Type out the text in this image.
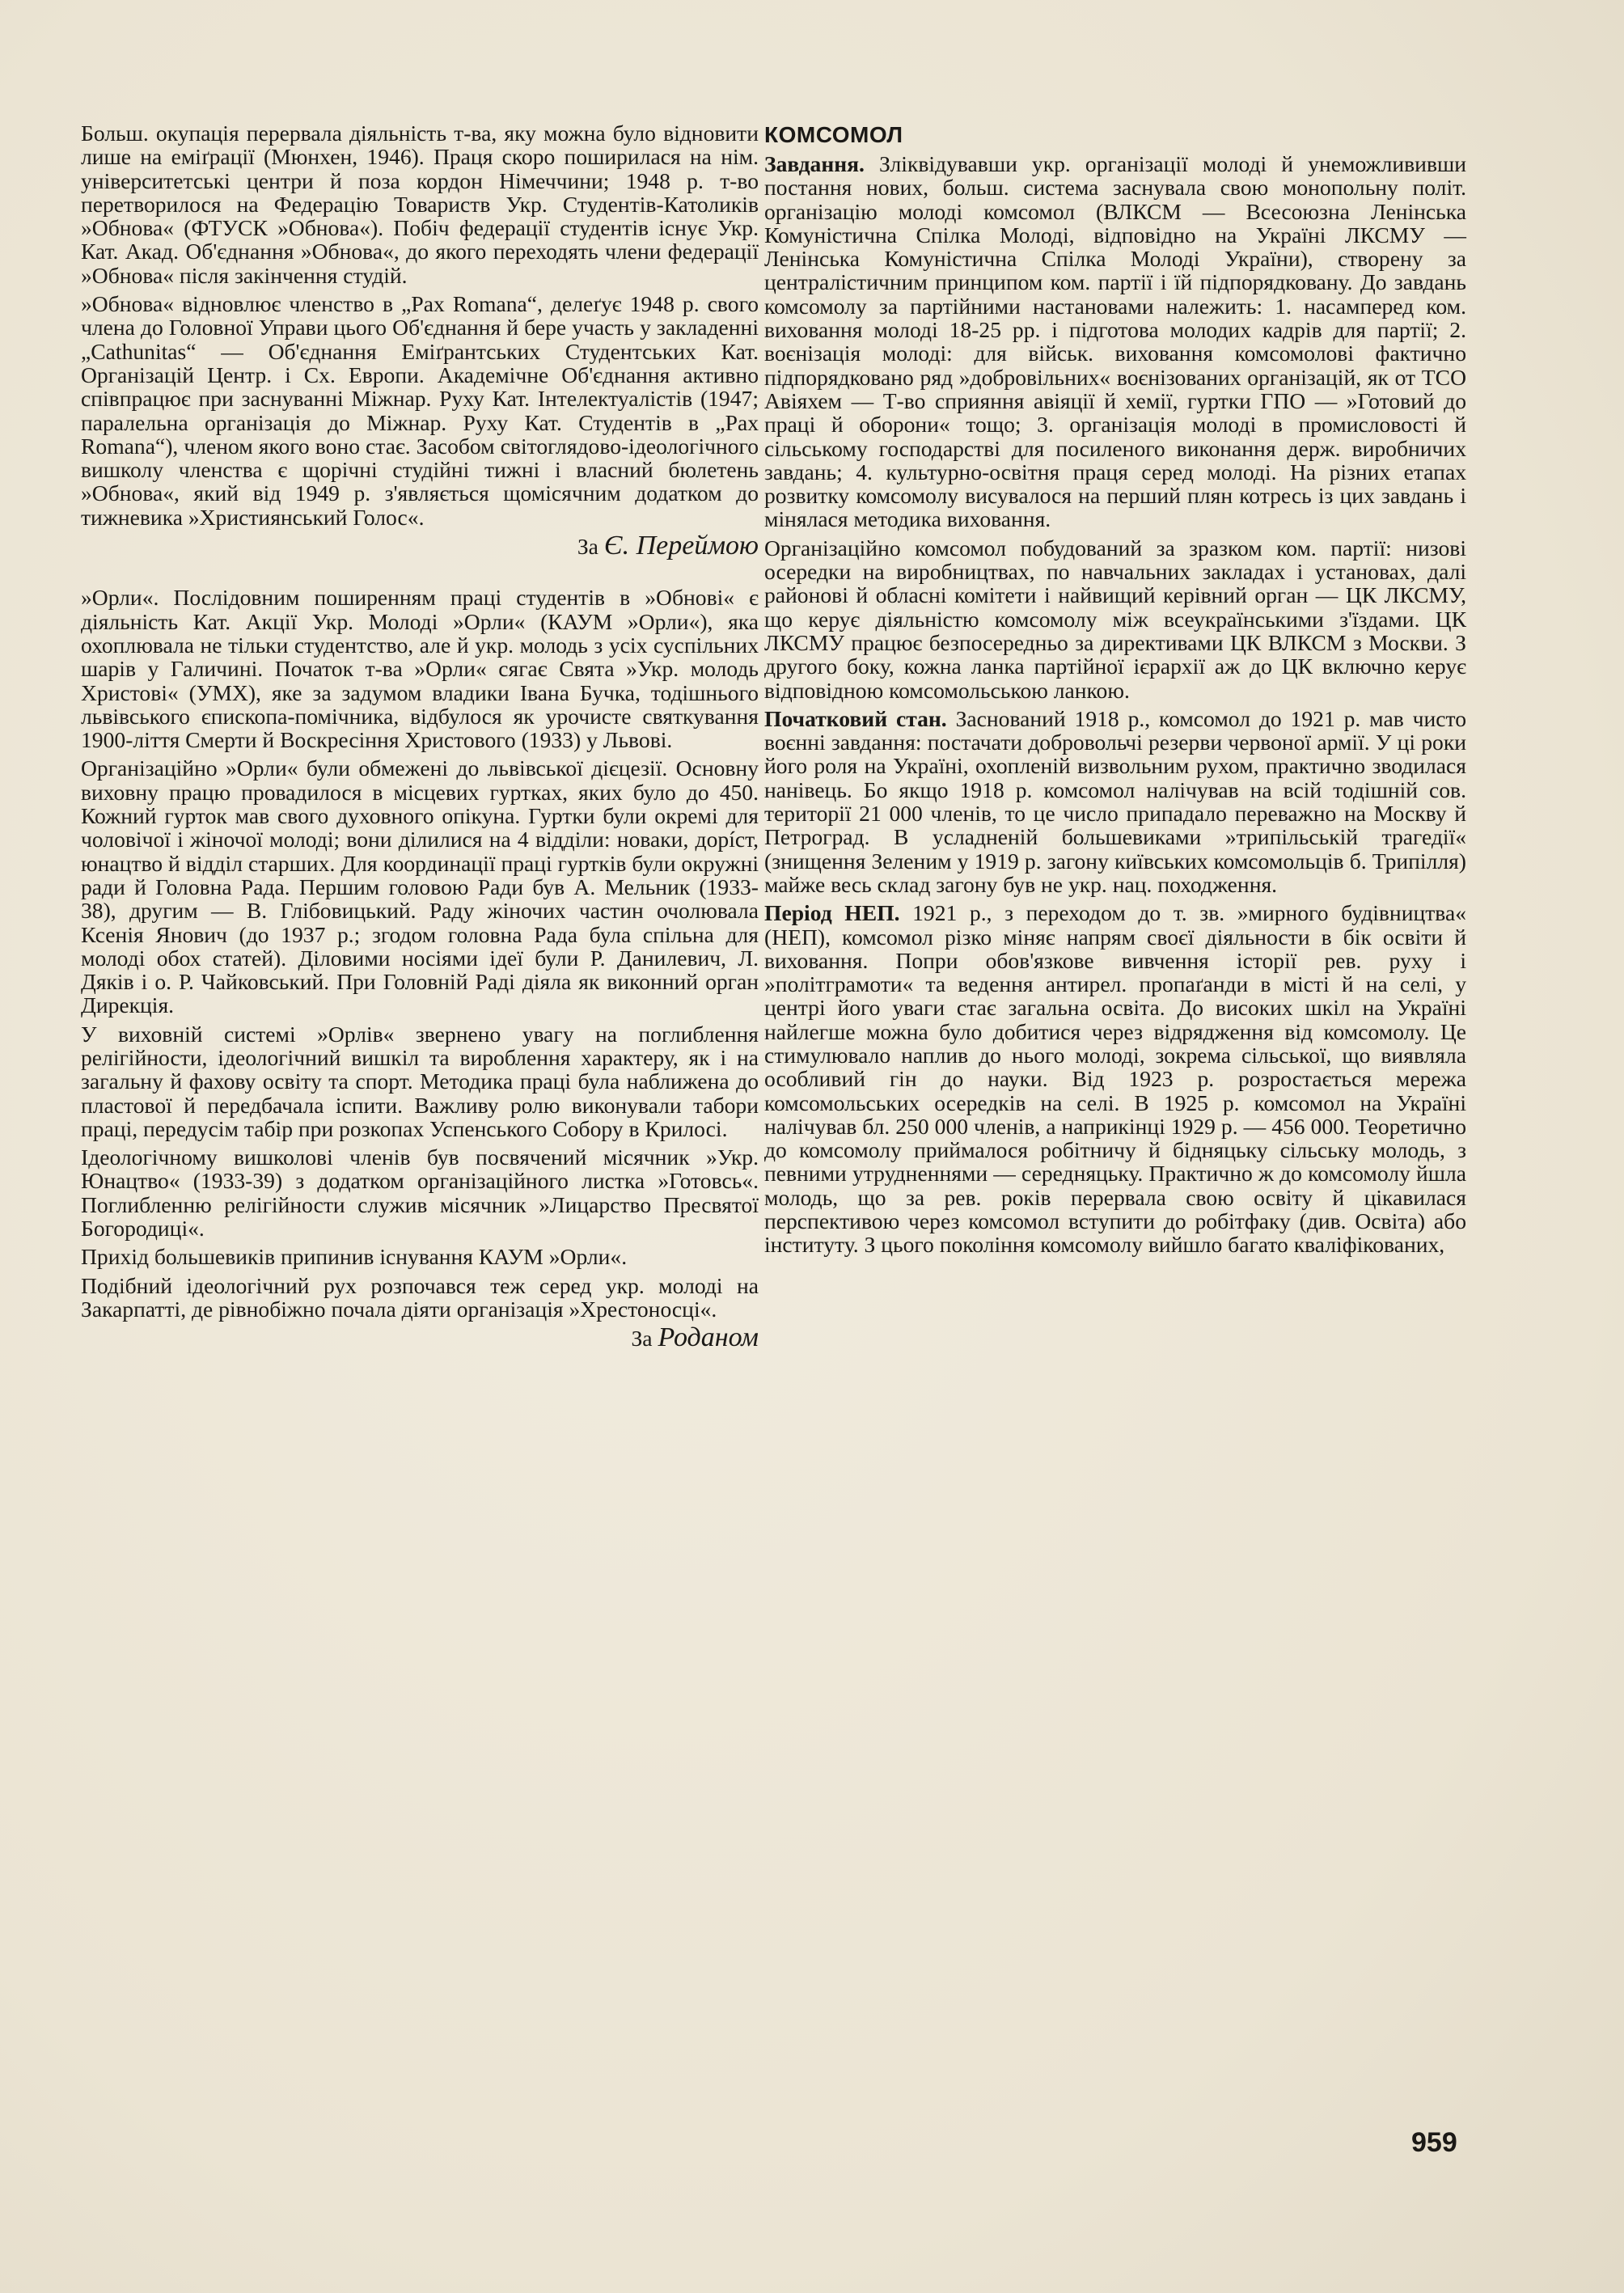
Больш. окупація перервала діяльність т-ва, яку можна було відновити лише на еміґрації (Мюнхен, 1946). Праця скоро поширилася на нім. університетські центри й поза кордон Німеччини; 1948 р. т-во перетворилося на Федерацію Товариств Укр. Студентів-Католиків »Обнова« (ФТУСК »Обнова«). Побіч федерації студентів існує Укр. Кат. Акад. Об'єднання »Обнова«, до якого переходять члени федерації »Обнова« після закінчення студій.

»Обнова« відновлює членство в „Pax Romana“, делеґує 1948 р. свого члена до Головної Управи цього Об'єднання й бере участь у закладенні „Cathunitas“ — Об'єднання Еміґрантських Студентських Кат. Організацій Центр. і Сх. Европи. Академічне Об'єднання активно співпрацює при заснуванні Міжнар. Руху Кат. Інтелектуалістів (1947; паралельна організація до Міжнар. Руху Кат. Студентів в „Pax Romana“), членом якого воно стає. Засобом світоглядово-ідеологічного вишколу членства є щорічні студійні тижні і власний бюлетень »Обнова«, який від 1949 р. з'являється щомісячним додатком до тижневика »Християнський Голос«.

За Є. Переймою

»Орли«. Послідовним поширенням праці студентів в »Обнові« є діяльність Кат. Акції Укр. Молоді »Орли« (КАУМ »Орли«), яка охоплювала не тільки студентство, але й укр. молодь з усіх суспільних шарів у Галичині. Початок т-ва »Орли« сягає Свята »Укр. молодь Христові« (УМХ), яке за задумом владики Івана Бучка, тодішнього львівського єпископа-помічника, відбулося як урочисте святкування 1900-ліття Смерти й Воскресіння Христового (1933) у Львові.

Організаційно »Орли« були обмежені до львівської дієцезії. Основну виховну працю провадилося в місцевих гуртках, яких було до 450. Кожний гурток мав свого духовного опікуна. Гуртки були окремі для чоловічої і жіночої молоді; вони ділилися на 4 відділи: новаки, дорíст, юнацтво й відділ старших. Для координації праці гуртків були окружні ради й Головна Рада. Першим головою Ради був А. Мельник (1933-38), другим — В. Глібовицький. Раду жіночих частин очолювала Ксенія Янович (до 1937 р.; згодом головна Рада була спільна для молоді обох статей). Діловими носіями ідеї були Р. Данилевич, Л. Дяків і о. Р. Чайковський. При Головній Раді діяла як виконний орган Дирекція.

У виховній системі »Орлів« звернено увагу на поглиблення релігійности, ідеологічний вишкіл та вироблення характеру, як і на загальну й фахову освіту та спорт. Методика праці була наближена до пластової й передбачала іспити. Важливу ролю виконували табори праці, передусім табір при розкопах Успенського Собору в Крилосі.

Ідеологічному вишколові членів був посвячений місячник »Укр. Юнацтво« (1933-39) з додатком організаційного листка »Готовсь«. Поглибленню релігійности служив місячник »Лицарство Пресвятої Богородиці«.

Прихід большевиків припинив існування КАУМ »Орли«.

Подібний ідеологічний рух розпочався теж серед укр. молоді на Закарпатті, де рівнобіжно почала діяти організація »Хрестоносці«.

За Роданом
КОМСОМОЛ

Завдання. Зліквідувавши укр. організації молоді й унеможлививши постання нових, больш. система заснувала свою монопольну політ. організацію молоді комсомол (ВЛКСМ — Всесоюзна Ленінська Комуністична Спілка Молоді, відповідно на Україні ЛКСМУ — Ленінська Комуністична Спілка Молоді України), створену за централістичним принципом ком. партії і їй підпорядковану. До завдань комсомолу за партійними настановами належить: 1. насамперед ком. виховання молоді 18-25 рр. і підготова молодих кадрів для партії; 2. воєнізація молоді: для військ. виховання комсомолові фактично підпорядковано ряд »добровільних« воєнізованих організацій, як от ТСО Авіяхем — Т-во сприяння авіяції й хемії, гуртки ГПО — »Готовий до праці й оборони« тощо; 3. організація молоді в промисловості й сільському господарстві для посиленого виконання держ. виробничих завдань; 4. культурно-освітня праця серед молоді. На різних етапах розвитку комсомолу висувалося на перший плян котресь із цих завдань і мінялася методика виховання.

Організаційно комсомол побудований за зразком ком. партії: низові осередки на виробництвах, по навчальних закладах і установах, далі районові й обласні комітети і найвищий керівний орган — ЦК ЛКСМУ, що керує діяльністю комсомолу між всеукраїнськими з'їздами. ЦК ЛКСМУ працює безпосередньо за директивами ЦК ВЛКСМ з Москви. З другого боку, кожна ланка партійної ієрархії аж до ЦК включно керує відповідною комсомольською ланкою.

Початковий стан. Заснований 1918 р., комсомол до 1921 р. мав чисто воєнні завдання: постачати добровольчі резерви червоної армії. У ці роки його роля на Україні, охопленій визвольним рухом, практично зводилася нанівець. Бо якщо 1918 р. комсомол налічував на всій тодішній сов. території 21 000 членів, то це число припадало переважно на Москву й Петроград. В усладненій большевиками »трипільській трагедії« (знищення Зеленим у 1919 р. загону київських комсомольців б. Трипілля) майже весь склад загону був не укр. нац. походження.

Період НЕП. 1921 р., з переходом до т. зв. »мирного будівництва« (НЕП), комсомол різко міняє напрям своєї діяльности в бік освіти й виховання. Попри обов'язкове вивчення історії рев. руху і »політграмоти« та ведення антирел. пропаґанди в місті й на селі, у центрі його уваги стає загальна освіта. До високих шкіл на Україні найлегше можна було добитися через відрядження від комсомолу. Це стимулювало наплив до нього молоді, зокрема сільської, що виявляла особливий гін до науки. Від 1923 р. розростається мережа комсомольських осередків на селі. В 1925 р. комсомол на Україні налічував бл. 250 000 членів, а наприкінці 1929 р. — 456 000. Теоретично до комсомолу приймалося робітничу й бідняцьку сільську молодь, з певними утрудненнями — середняцьку. Практично ж до комсомолу йшла молодь, що за рев. років перервала свою освіту й цікавилася перспективою через комсомол вступити до робітфаку (див. Освіта) або інституту. З цього покоління комсомолу вийшло багато кваліфікованих,

959
